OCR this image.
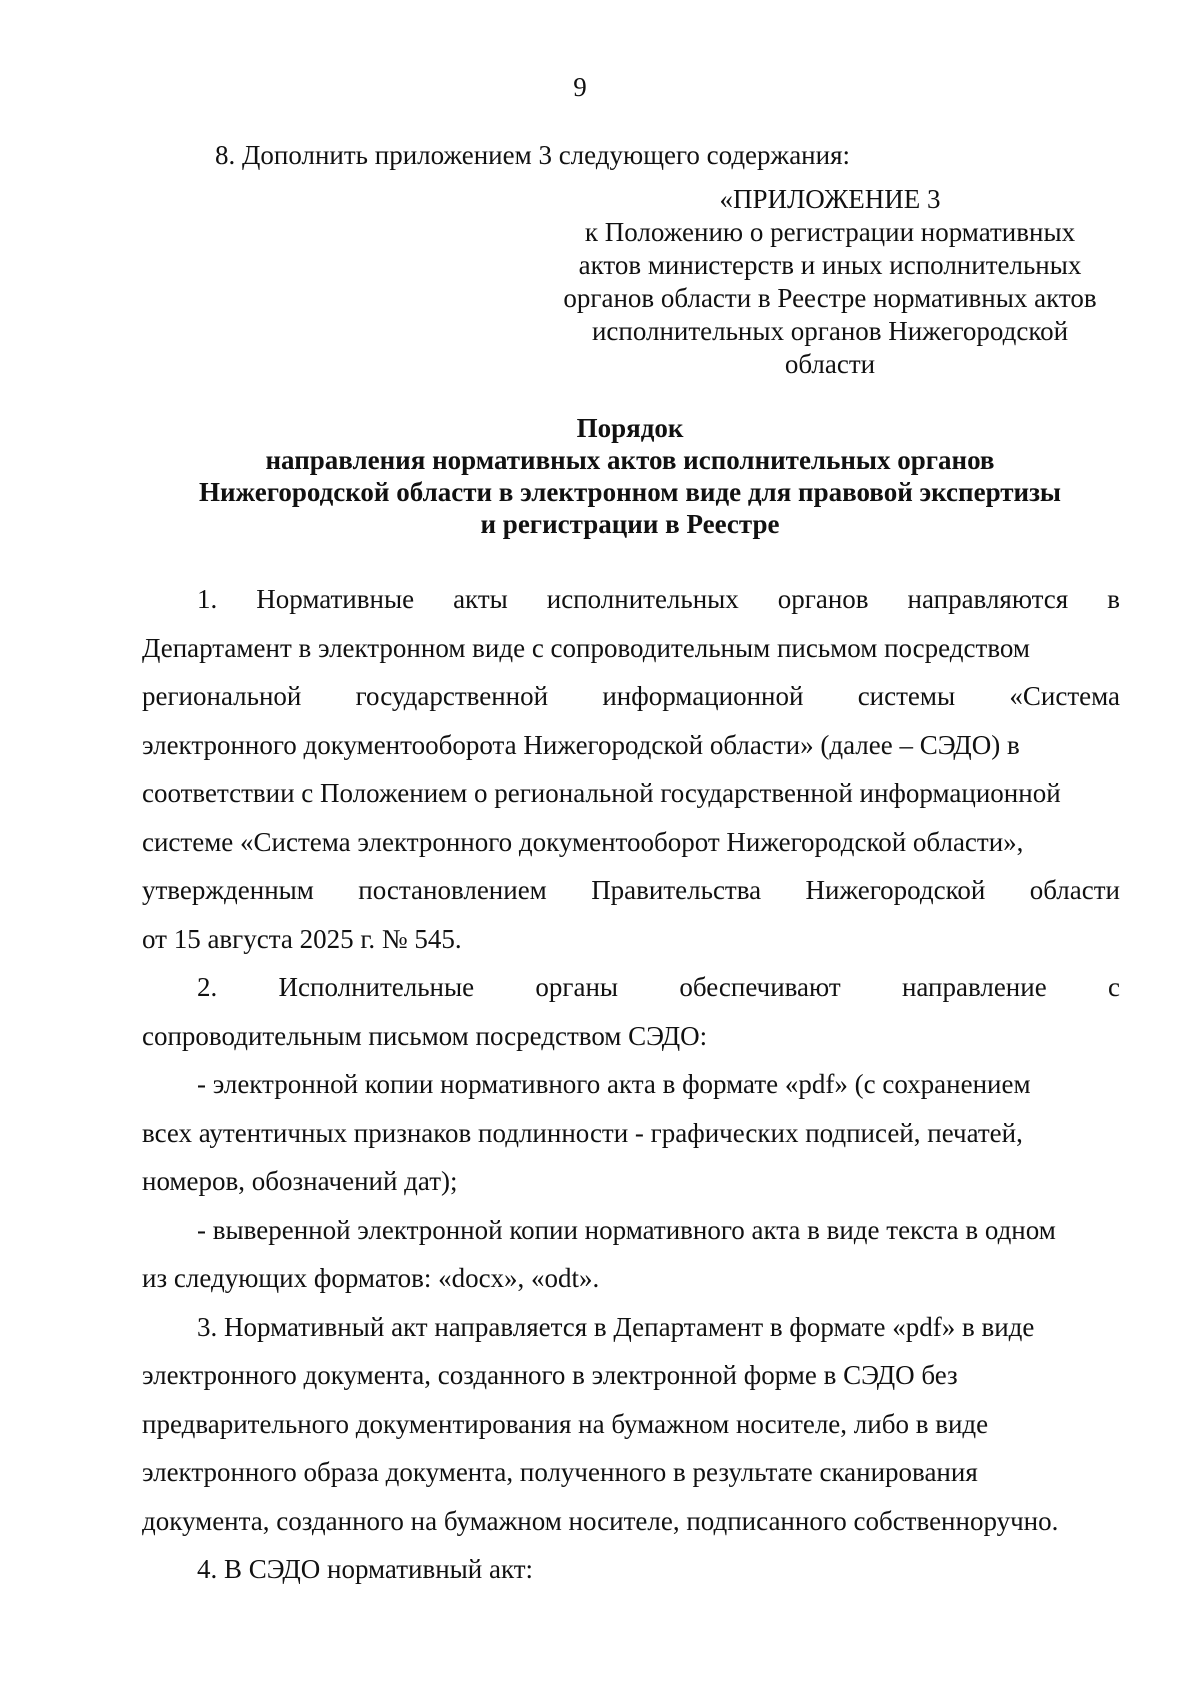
9
8. Дополнить приложением 3 следующего содержания:
«ПРИЛОЖЕНИЕ 3
к Положению о регистрации нормативных
актов министерств и иных исполнительных
органов области в Реестре нормативных актов
исполнительных органов Нижегородской
области
Порядок
направления нормативных актов исполнительных органов
Нижегородской области в электронном виде для правовой экспертизы
и регистрации в Реестре
1. Нормативные акты исполнительных органов направляются в
Департамент в электронном виде с сопроводительным письмом посредством
региональной государственной информационной системы «Система
электронного документооборота Нижегородской области» (далее – СЭДО) в
соответствии с Положением о региональной государственной информационной
системе «Система электронного документооборот Нижегородской области»,
утвержденным постановлением Правительства Нижегородской области
от 15 августа 2025 г. № 545.
2. Исполнительные органы обеспечивают направление с
сопроводительным письмом посредством СЭДО:
- электронной копии нормативного акта в формате «pdf» (с сохранением
всех аутентичных признаков подлинности - графических подписей, печатей,
номеров, обозначений дат);
- выверенной электронной копии нормативного акта в виде текста в одном
из следующих форматов: «docx», «odt».
3. Нормативный акт направляется в Департамент в формате «pdf» в виде
электронного документа, созданного в электронной форме в СЭДО без
предварительного документирования на бумажном носителе, либо в виде
электронного образа документа, полученного в результате сканирования
документа, созданного на бумажном носителе, подписанного собственноручно.
4. В СЭДО нормативный акт:
